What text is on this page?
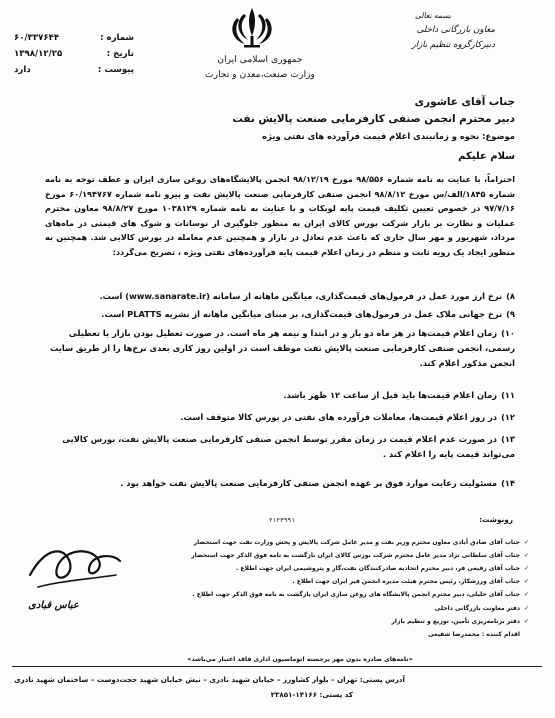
شماره :
۶۰/۳۳۷۶۴۴
تاریخ :
۱۳۹۸/۱۲/۲۵
پیوست :
دارد
جمهوری اسلامی ایران
وزارت صنعت،معدن و تجارت
بسمه تعالی
معاون بازرگانی داخلی
دبیرکارگروه تنظیم بازار
جناب آقای عاشوری
دبیر محترم انجمن صنفی کارفرمایی صنعت پالایش نفت
موضوع: نحوه و زمانبندی اعلام قیمت فرآورده های نفتی ویژه
سلام علیکم
احتراماً، با عنایت به نامه شماره ۹۸/۵۵۶ مورخ ۹۸/۱۲/۱۹ انجمن پالایشگاه‌های روغن سازی ایران و عطف توجه به نامه شماره ۱۸۴۵/الف/س مورخ ۹۸/۸/۱۲ انجمن صنفی کارفرمایی صنعت پالایش نفت و پیرو نامه شماره ۶۰/۱۹۴۷۶۷ مورخ ۹۷/۷/۱۶ در خصوص تعیین تکلیف قیمت پایه لوبکات و با عنایت به نامه شماره ۱۰۳۸۱۲۹ مورخ ۹۸/۸/۲۷ معاون محترم عملیات و نظارت بر بازار شرکت بورس کالای ایران به منظور جلوگیری از نوسانات و شوک های قیمتی در ماه‌های مرداد، شهریور و مهر سال جاری که باعث عدم تعادل در بازار و همچنین عدم معامله در بورس کالایی شد. همچنین به منظور ایجاد یک رویه ثابت و منظم در زمان اعلام قیمت پایه فرآورده‌های نفتی ویژه ، تصریح می‌گردد:
۸)نرخ ارز مورد عمل در فرمول‌های قیمت‌گذاری، میانگین ماهانه از سامانه (www.sanarate.ir) است.
۹)نرخ جهانی ملاک عمل در فرمول‌های قیمت‌گذاری، بر مبنای میانگین ماهانه از نشریه PLATTS است.
۱۰)زمان اعلام قیمت‌ها در هر ماه دو بار و در ابتدا و نیمه هر ماه است. در صورت تعطیل بودن بازار یا تعطیلی رسمی، انجمن صنفی کارفرمایی صنعت پالایش نفت موظف است در اولین روز کاری بعدی نرخ‌ها را از طریق سایت انجمن مذکور اعلام کند.
۱۱)زمان اعلام قیمت‌ها باید قبل از ساعت ۱۲ ظهر باشد.
۱۲)در روز اعلام قیمت‌ها، معاملات فرآورده های نفتی در بورس کالا متوقف است.
۱۳)در صورت عدم اعلام قیمت در زمان مقرر توسط انجمن صنفی کارفرمایی صنعت پالایش نفت، بورس کالایی می‌تواند قیمت پایه را اعلام کند .
۱۴)مسئولیت رعایت موارد فوق بر عهده انجمن صنفی کارفرمایی صنعت پالایش نفت خواهد بود .
عباس قبادی
رونوشت:
۲۱۲۳۹۹۱
✓جناب آقای صادق آبادی معاون محترم وزیر نفت و مدیر عامل شرکت پالایش و پخش وزارت نفت جهت استحضار
✓جناب آقای سلطانی نژاد مدیر عامل محترم شرکت بورس کالای ایران بازگشت به نامه فوق الذکر جهت استحضار
✓جناب آقای رفیعی فر، دبیر محترم اتحادیه صادرکنندگان نفت،گاز و پتروشیمی ایران جهت اطلاع .
✓جناب آقای ورزشکار، رئیس محترم هیئت مدیره انجمن قیر ایران جهت اطلاع .
✓جناب آقای خلیلی، دبیر محترم انجمن پالایشگاه های روغن سازی ایران بازگشت به نامه فوق الذکر جهت اطلاع .
✓دفتر معاونت بازرگانی داخلی
✓دفتر برنامه‌ریزی تأمین، توزیع و تنظیم بازار
اقدام کننده : محمدرضا شفیعی
«نامه‌های صادره بدون مهر برجسته اتوماسیون اداری فاقد اعتبار می‌باشد»
آدرس پستی: تهران – بلوار کشاورز – خیابان شهید نادری – نبش خیابان شهید حجت‌دوست – ساختمان شهید نادری
کد پستی: ۱۴۱۶۶-۲۳۸۵۱
